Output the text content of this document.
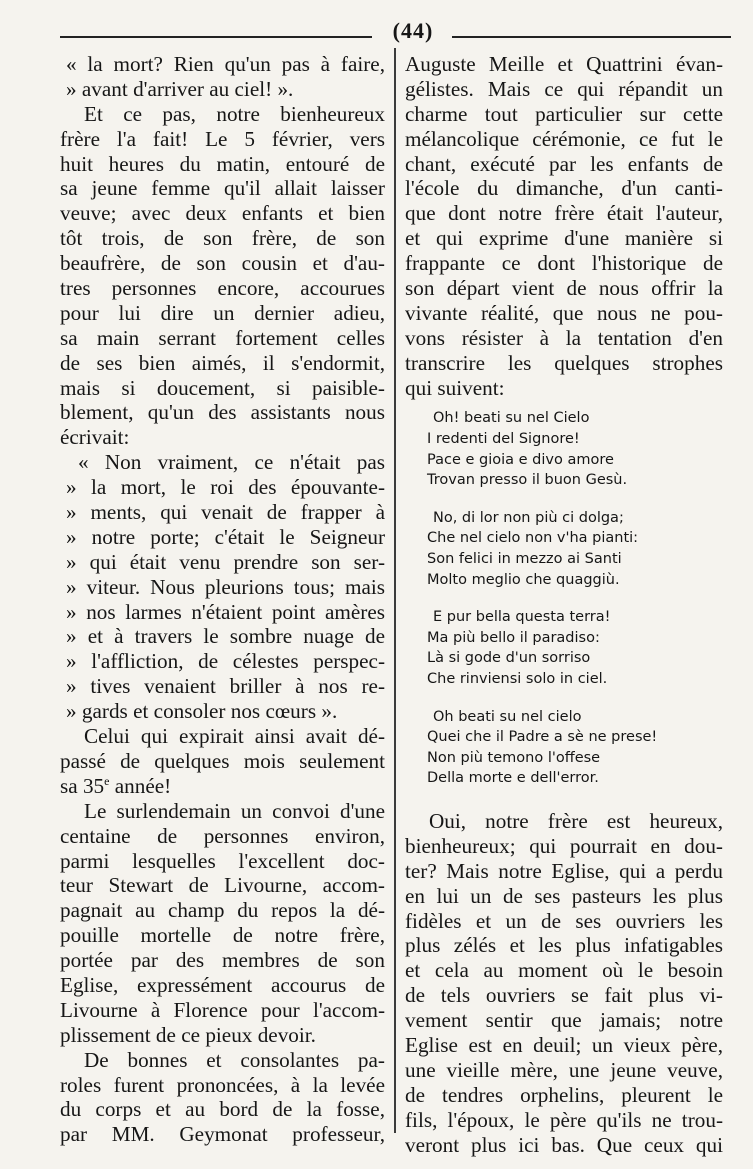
(44)
« la mort? Rien qu'un pas à faire,
» avant d'arriver au ciel! ».
Et ce pas, notre bienheureux
frère l'a fait! Le 5 février, vers
huit heures du matin, entouré de
sa jeune femme qu'il allait laisser
veuve; avec deux enfants et bien
tôt trois, de son frère, de son
beaufrère, de son cousin et d'au-
tres personnes encore, accourues
pour lui dire un dernier adieu,
sa main serrant fortement celles
de ses bien aimés, il s'endormit,
mais si doucement, si paisible-
blement, qu'un des assistants nous
écrivait:
« Non vraiment, ce n'était pas
» la mort, le roi des épouvante-
» ments, qui venait de frapper à
» notre porte; c'était le Seigneur
» qui était venu prendre son ser-
» viteur. Nous pleurions tous; mais
» nos larmes n'étaient point amères
» et à travers le sombre nuage de
» l'affliction, de célestes perspec-
» tives venaient briller à nos re-
» gards et consoler nos cœurs ».
Celui qui expirait ainsi avait dé-
passé de quelques mois seulement
sa 35e année!
Le surlendemain un convoi d'une
centaine de personnes environ,
parmi lesquelles l'excellent doc-
teur Stewart de Livourne, accom-
pagnait au champ du repos la dé-
pouille mortelle de notre frère,
portée par des membres de son
Eglise, expressément accourus de
Livourne à Florence pour l'accom-
plissement de ce pieux devoir.
De bonnes et consolantes pa-
roles furent prononcées, à la levée
du corps et au bord de la fosse,
par MM. Geymonat professeur,
Auguste Meille et Quattrini évan-
gélistes. Mais ce qui répandit un
charme tout particulier sur cette
mélancolique cérémonie, ce fut le
chant, exécuté par les enfants de
l'école du dimanche, d'un canti-
que dont notre frère était l'auteur,
et qui exprime d'une manière si
frappante ce dont l'historique de
son départ vient de nous offrir la
vivante réalité, que nous ne pou-
vons résister à la tentation d'en
transcrire les quelques strophes
qui suivent:
Oh! beati su nel Cielo
I redenti del Signore!
Pace e gioia e divo amore
Trovan presso il buon Gesù.
No, di lor non più ci dolga;
Che nel cielo non v'ha pianti:
Son felici in mezzo ai Santi
Molto meglio che quaggiù.
E pur bella questa terra!
Ma più bello il paradiso:
Là si gode d'un sorriso
Che rinviensi solo in ciel.
Oh beati su nel cielo
Quei che il Padre a sè ne prese!
Non più temono l'offese
Della morte e dell'error.
Oui, notre frère est heureux,
bienheureux; qui pourrait en dou-
ter? Mais notre Eglise, qui a perdu
en lui un de ses pasteurs les plus
fidèles et un de ses ouvriers les
plus zélés et les plus infatigables
et cela au moment où le besoin
de tels ouvriers se fait plus vi-
vement sentir que jamais; notre
Eglise est en deuil; un vieux père,
une vieille mère, une jeune veuve,
de tendres orphelins, pleurent le
fils, l'époux, le père qu'ils ne trou-
veront plus ici bas. Que ceux qui
